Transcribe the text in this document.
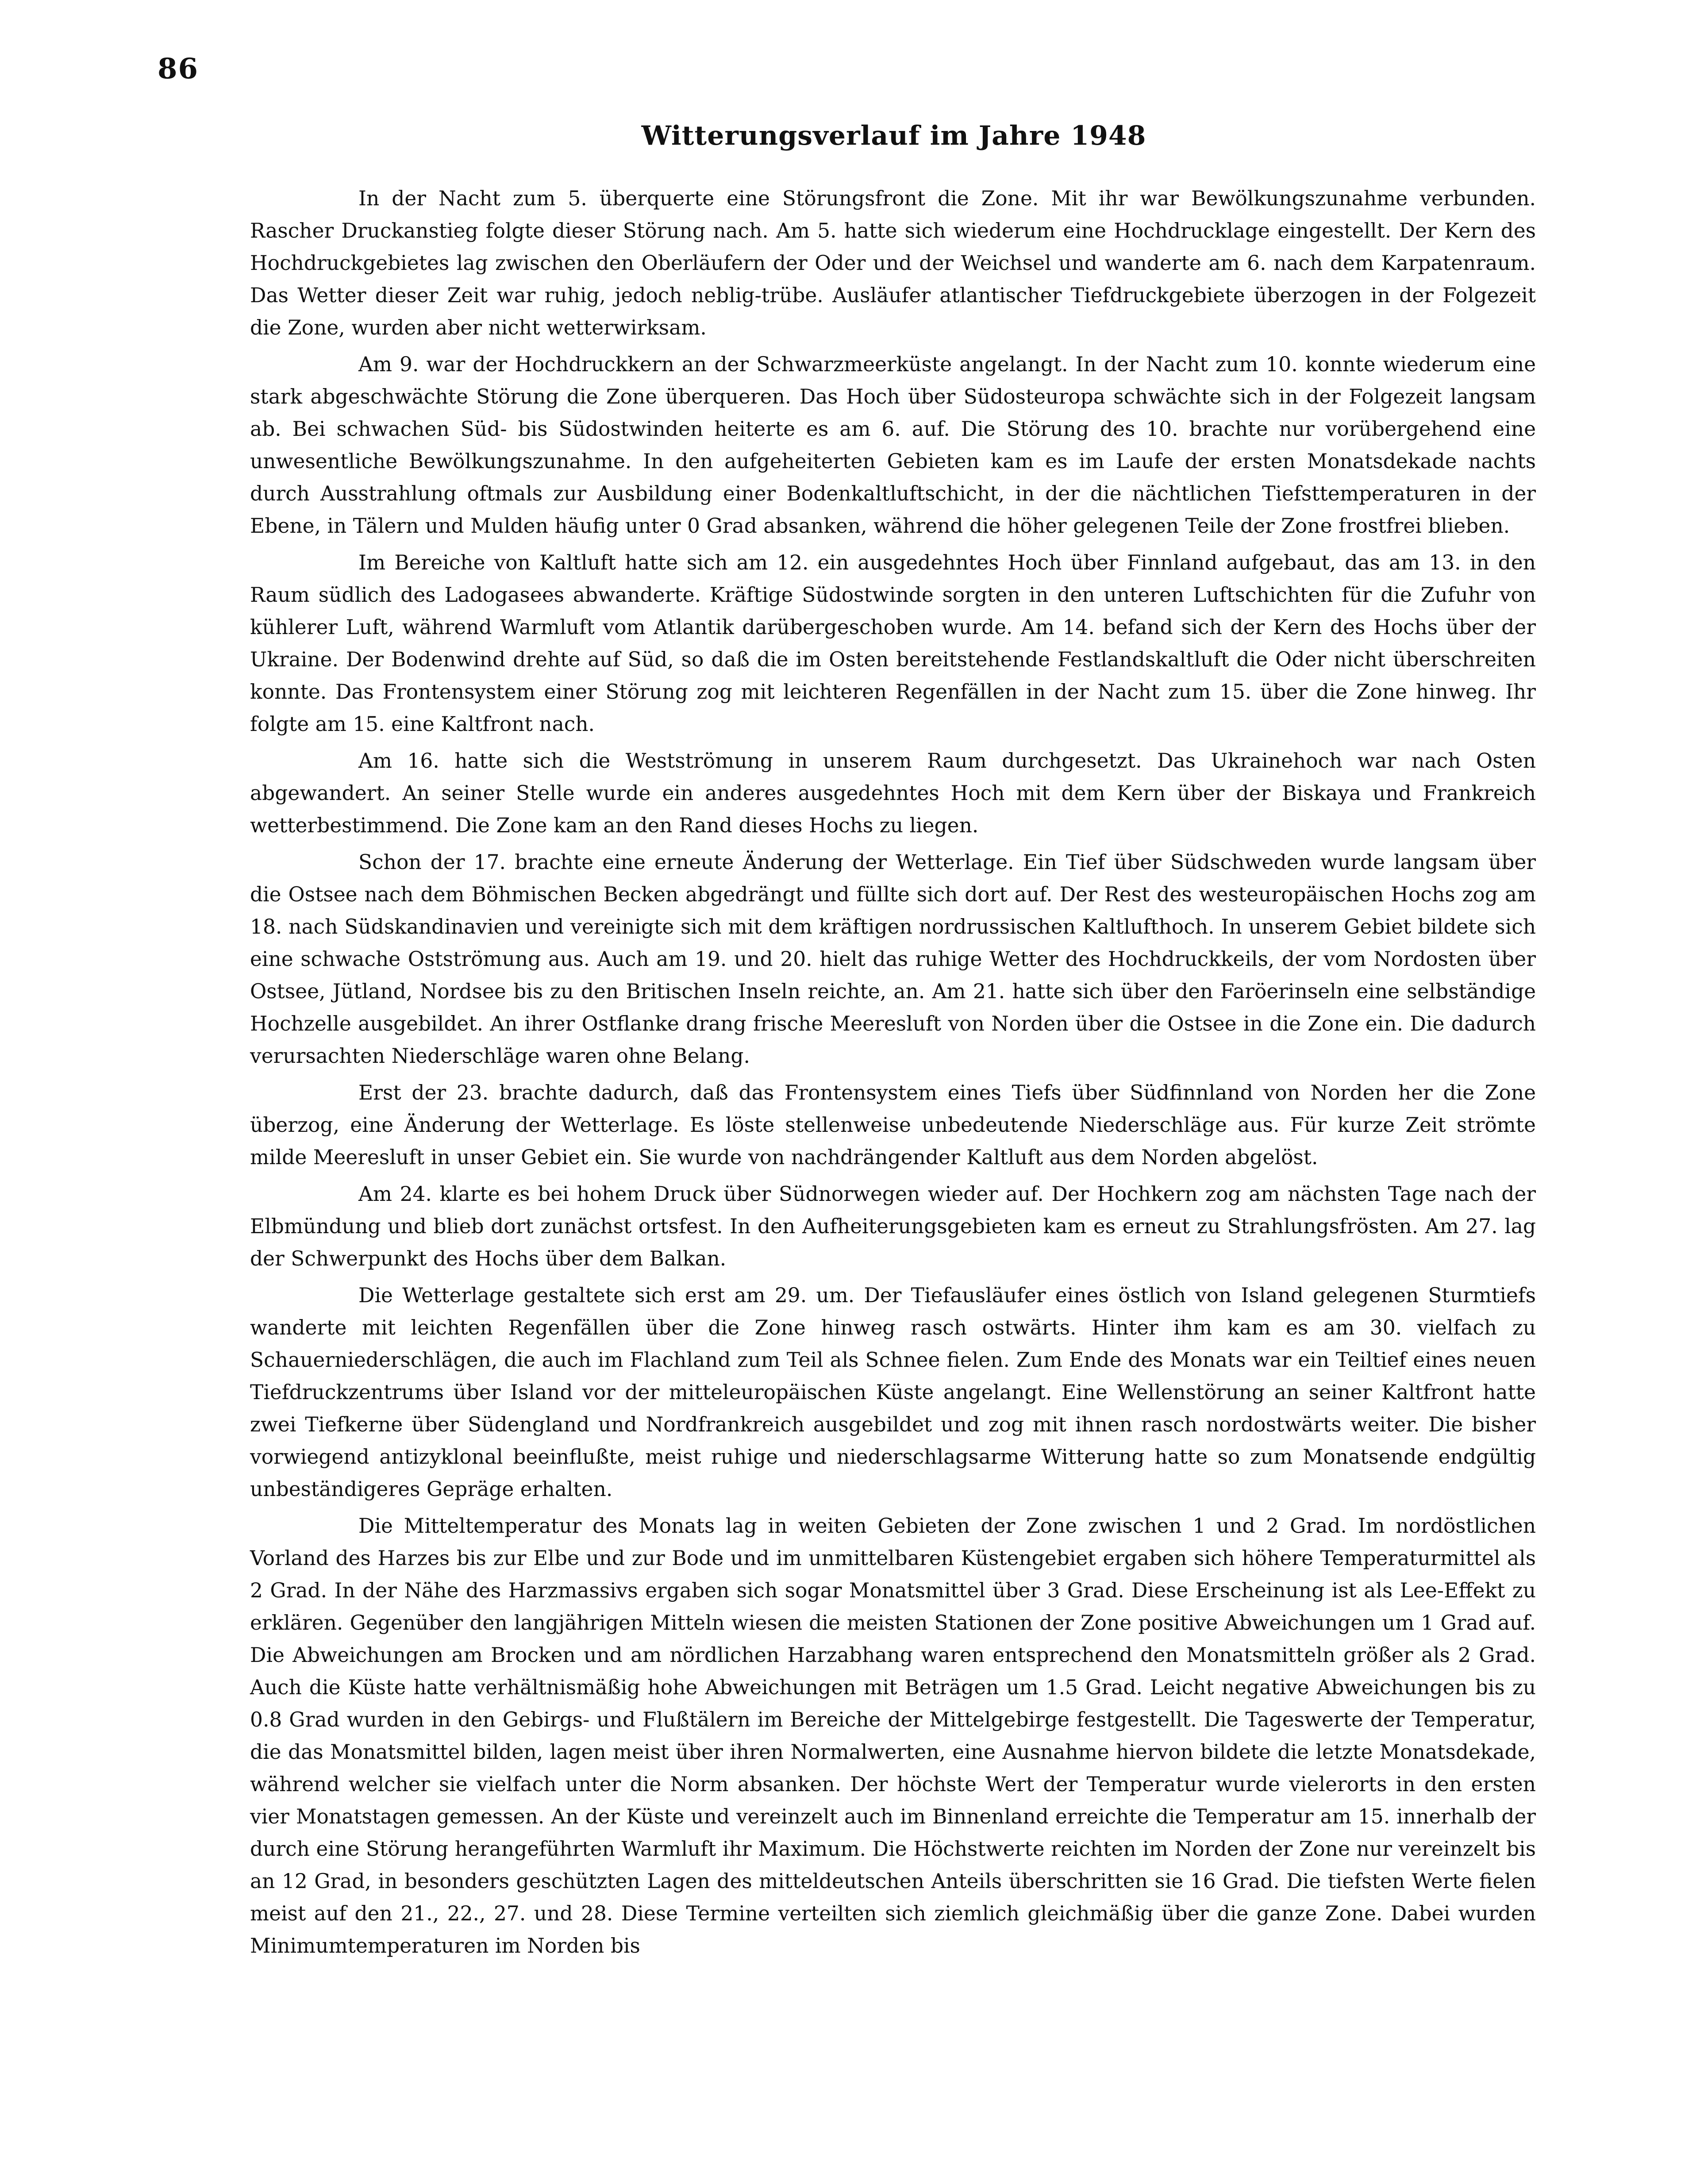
86
Witterungsverlauf im Jahre 1948

In der Nacht zum 5. überquerte eine Störungsfront die Zone. Mit ihr war Bewölkungszunahme verbunden. Rascher Druckanstieg folgte dieser Störung nach. Am 5. hatte sich wiederum eine Hochdrucklage eingestellt. Der Kern des Hochdruckgebietes lag zwischen den Oberläufern der Oder und der Weichsel und wanderte am 6. nach dem Karpatenraum. Das Wetter dieser Zeit war ruhig, jedoch neblig-trübe. Ausläufer atlantischer Tiefdruckgebiete überzogen in der Folgezeit die Zone, wurden aber nicht wetterwirksam.

Am 9. war der Hochdruckkern an der Schwarzmeerküste angelangt. In der Nacht zum 10. konnte wiederum eine stark abgeschwächte Störung die Zone überqueren. Das Hoch über Südosteuropa schwächte sich in der Folgezeit langsam ab. Bei schwachen Süd- bis Südostwinden heiterte es am 6. auf. Die Störung des 10. brachte nur vorübergehend eine unwesentliche Bewölkungszunahme. In den aufgeheiterten Gebieten kam es im Laufe der ersten Monatsdekade nachts durch Ausstrahlung oftmals zur Ausbildung einer Bodenkaltluftschicht, in der die nächtlichen Tiefsttemperaturen in der Ebene, in Tälern und Mulden häufig unter 0 Grad absanken, während die höher gelegenen Teile der Zone frostfrei blieben.

Im Bereiche von Kaltluft hatte sich am 12. ein ausgedehntes Hoch über Finnland aufgebaut, das am 13. in den Raum südlich des Ladogasees abwanderte. Kräftige Südostwinde sorgten in den unteren Luftschichten für die Zufuhr von kühlerer Luft, während Warmluft vom Atlantik darübergeschoben wurde. Am 14. befand sich der Kern des Hochs über der Ukraine. Der Bodenwind drehte auf Süd, so daß die im Osten bereitstehende Festlandskaltluft die Oder nicht überschreiten konnte. Das Frontensystem einer Störung zog mit leichteren Regenfällen in der Nacht zum 15. über die Zone hinweg. Ihr folgte am 15. eine Kaltfront nach.

Am 16. hatte sich die Westströmung in unserem Raum durchgesetzt. Das Ukrainehoch war nach Osten abgewandert. An seiner Stelle wurde ein anderes ausgedehntes Hoch mit dem Kern über der Biskaya und Frankreich wetterbestimmend. Die Zone kam an den Rand dieses Hochs zu liegen.

Schon der 17. brachte eine erneute Änderung der Wetterlage. Ein Tief über Südschweden wurde langsam über die Ostsee nach dem Böhmischen Becken abgedrängt und füllte sich dort auf. Der Rest des westeuropäischen Hochs zog am 18. nach Südskandinavien und vereinigte sich mit dem kräftigen nordrussischen Kaltlufthoch. In unserem Gebiet bildete sich eine schwache Ostströmung aus. Auch am 19. und 20. hielt das ruhige Wetter des Hochdruckkeils, der vom Nordosten über Ostsee, Jütland, Nordsee bis zu den Britischen Inseln reichte, an. Am 21. hatte sich über den Faröerinseln eine selbständige Hochzelle ausgebildet. An ihrer Ostflanke drang frische Meeresluft von Norden über die Ostsee in die Zone ein. Die dadurch verursachten Niederschläge waren ohne Belang.

Erst der 23. brachte dadurch, daß das Frontensystem eines Tiefs über Südfinnland von Norden her die Zone überzog, eine Änderung der Wetterlage. Es löste stellenweise unbedeutende Niederschläge aus. Für kurze Zeit strömte milde Meeresluft in unser Gebiet ein. Sie wurde von nachdrängender Kaltluft aus dem Norden abgelöst.

Am 24. klarte es bei hohem Druck über Südnorwegen wieder auf. Der Hochkern zog am nächsten Tage nach der Elbmündung und blieb dort zunächst ortsfest. In den Aufheiterungsgebieten kam es erneut zu Strahlungsfrösten. Am 27. lag der Schwerpunkt des Hochs über dem Balkan.

Die Wetterlage gestaltete sich erst am 29. um. Der Tiefausläufer eines östlich von Island gelegenen Sturmtiefs wanderte mit leichten Regenfällen über die Zone hinweg rasch ostwärts. Hinter ihm kam es am 30. vielfach zu Schauerniederschlägen, die auch im Flachland zum Teil als Schnee fielen. Zum Ende des Monats war ein Teiltief eines neuen Tiefdruckzentrums über Island vor der mitteleuropäischen Küste angelangt. Eine Wellenstörung an seiner Kaltfront hatte zwei Tiefkerne über Südengland und Nordfrankreich ausgebildet und zog mit ihnen rasch nordostwärts weiter. Die bisher vorwiegend antizyklonal beeinflußte, meist ruhige und niederschlagsarme Witterung hatte so zum Monatsende endgültig unbeständigeres Gepräge erhalten.

Die Mitteltemperatur des Monats lag in weiten Gebieten der Zone zwischen 1 und 2 Grad. Im nordöstlichen Vorland des Harzes bis zur Elbe und zur Bode und im unmittelbaren Küstengebiet ergaben sich höhere Temperaturmittel als 2 Grad. In der Nähe des Harzmassivs ergaben sich sogar Monatsmittel über 3 Grad. Diese Erscheinung ist als Lee-Effekt zu erklären. Gegenüber den langjährigen Mitteln wiesen die meisten Stationen der Zone positive Abweichungen um 1 Grad auf. Die Abweichungen am Brocken und am nördlichen Harzabhang waren entsprechend den Monatsmitteln größer als 2 Grad. Auch die Küste hatte verhältnismäßig hohe Abweichungen mit Beträgen um 1.5 Grad. Leicht negative Abweichungen bis zu 0.8 Grad wurden in den Gebirgs- und Flußtälern im Bereiche der Mittelgebirge festgestellt. Die Tageswerte der Temperatur, die das Monatsmittel bilden, lagen meist über ihren Normalwerten, eine Ausnahme hiervon bildete die letzte Monatsdekade, während welcher sie vielfach unter die Norm absanken. Der höchste Wert der Temperatur wurde vielerorts in den ersten vier Monatstagen gemessen. An der Küste und vereinzelt auch im Binnenland erreichte die Temperatur am 15. innerhalb der durch eine Störung herangeführten Warmluft ihr Maximum. Die Höchstwerte reichten im Norden der Zone nur vereinzelt bis an 12 Grad, in besonders geschützten Lagen des mitteldeutschen Anteils überschritten sie 16 Grad. Die tiefsten Werte fielen meist auf den 21., 22., 27. und 28. Diese Termine verteilten sich ziemlich gleichmäßig über die ganze Zone. Dabei wurden Minimumtemperaturen im Norden bis
